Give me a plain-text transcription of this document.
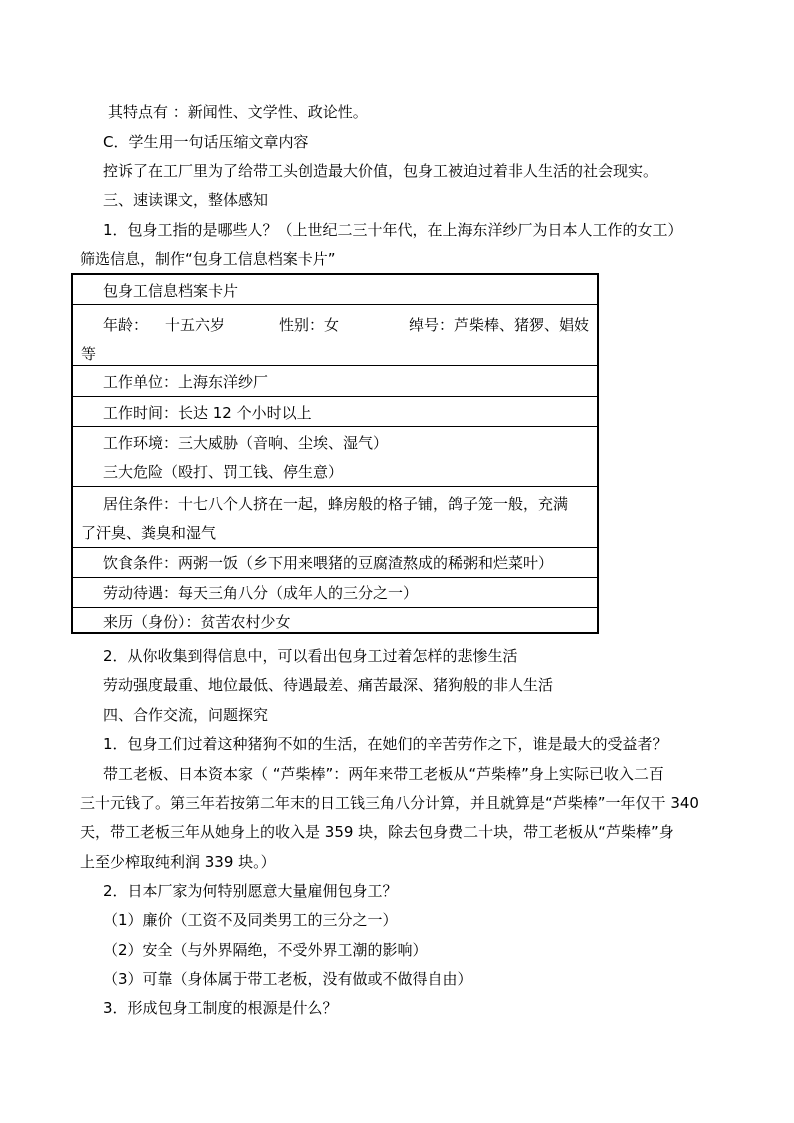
其特点有 ：新闻性、文学性、政论性。
C．学生用一句话压缩文章内容
控诉了在工厂里为了给带工头创造最大价值，包身工被迫过着非人生活的社会现实。
三、速读课文，整体感知
1．包身工指的是哪些人？（上世纪二三十年代，在上海东洋纱厂为日本人工作的女工）
筛选信息，制作“包身工信息档案卡片”
包身工信息档案卡片
年龄： 十五六岁	性别：女	绰号：芦柴棒、猪猡、娼妓
等
工作单位：上海东洋纱厂
工作时间：长达 12 个小时以上
工作环境：三大威胁（音响、尘埃、湿气）
三大危险（殴打、罚工钱、停生意）
居住条件：十七八个人挤在一起，蜂房般的格子铺，鸽子笼一般，充满
了汗臭、粪臭和湿气
饮食条件：两粥一饭（乡下用来喂猪的豆腐渣熬成的稀粥和烂菜叶）
劳动待遇：每天三角八分（成年人的三分之一）
来历（身份）：贫苦农村少女
2．从你收集到得信息中，可以看出包身工过着怎样的悲惨生活
劳动强度最重、地位最低、待遇最差、痛苦最深、猪狗般的非人生活
四、合作交流，问题探究
1．包身工们过着这种猪狗不如的生活，在她们的辛苦劳作之下，谁是最大的受益者？
带工老板、日本资本家（ “芦柴棒”：两年来带工老板从“芦柴棒”身上实际已收入二百
三十元钱了。第三年若按第二年末的日工钱三角八分计算，并且就算是“芦柴棒”一年仅干 340
天，带工老板三年从她身上的收入是 359 块，除去包身费二十块，带工老板从“芦柴棒”身
上至少榨取纯利润 339 块。）
2．日本厂家为何特别愿意大量雇佣包身工？
（1）廉价（工资不及同类男工的三分之一）
（2）安全（与外界隔绝，不受外界工潮的影响）
（3）可靠（身体属于带工老板，没有做或不做得自由）
3．形成包身工制度的根源是什么？
